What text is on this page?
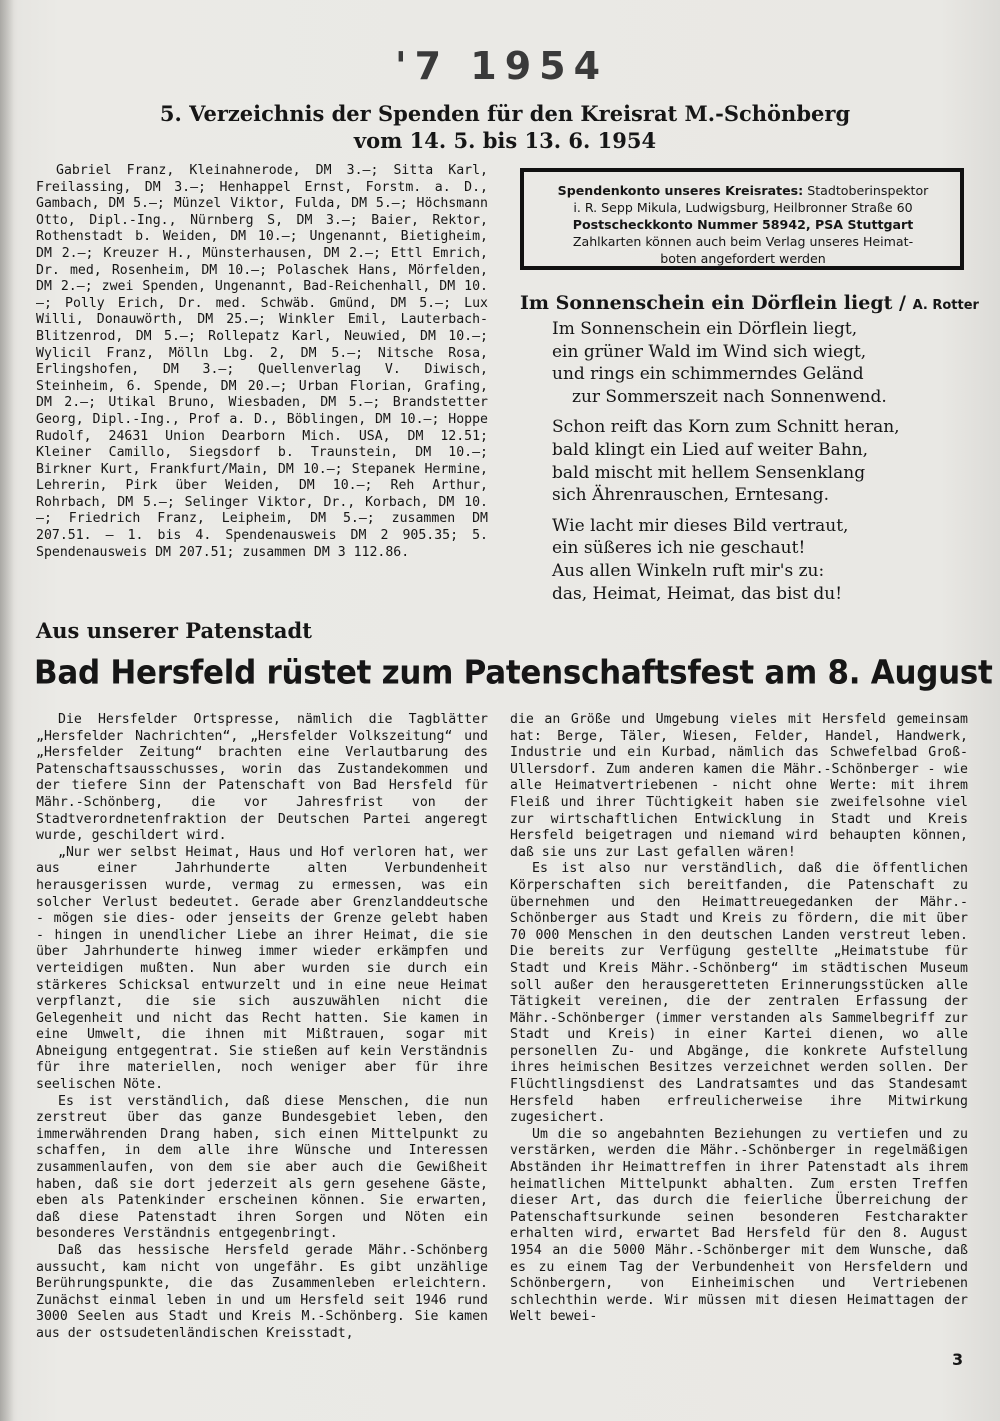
'7 1954
5. Verzeichnis der Spenden für den Kreisrat M.-Schönberg
vom 14. 5. bis 13. 6. 1954

Gabriel Franz, Kleinahnerode, DM 3.—; Sitta Karl, Freilassing, DM 3.—; Henhappel Ernst, Forstm. a. D., Gambach, DM 5.—; Münzel Viktor, Fulda, DM 5.—; Höchsmann Otto, Dipl.-Ing., Nürnberg S, DM 3.—; Baier, Rektor, Rothenstadt b. Weiden, DM 10.—; Ungenannt, Bietigheim, DM 2.—; Kreuzer H., Münsterhausen, DM 2.—; Ettl Emrich, Dr. med, Rosenheim, DM 10.—; Polaschek Hans, Mörfelden, DM 2.—; zwei Spenden, Ungenannt, Bad-Reichenhall, DM 10.—; Polly Erich, Dr. med. Schwäb. Gmünd, DM 5.—; Lux Willi, Donauwörth, DM 25.—; Winkler Emil, Lauterbach-Blitzenrod, DM 5.—; Rollepatz Karl, Neuwied, DM 10.—; Wylicil Franz, Mölln Lbg. 2, DM 5.—; Nitsche Rosa, Erlingshofen, DM 3.—; Quellenverlag V. Diwisch, Steinheim, 6. Spende, DM 20.—; Urban Florian, Grafing, DM 2.—; Utikal Bruno, Wiesbaden, DM 5.—; Brandstetter Georg, Dipl.-Ing., Prof a. D., Böblingen, DM 10.—; Hoppe Rudolf, 24631 Union Dearborn Mich. USA, DM 12.51; Kleiner Camillo, Siegsdorf b. Traunstein, DM 10.—; Birkner Kurt, Frankfurt/Main, DM 10.—; Stepanek Hermine, Lehrerin, Pirk über Weiden, DM 10.—; Reh Arthur, Rohrbach, DM 5.—; Selinger Viktor, Dr., Korbach, DM 10.—; Friedrich Franz, Leipheim, DM 5.—; zusammen DM 207.51. — 1. bis 4. Spendenausweis DM 2 905.35; 5. Spendenausweis DM 207.51; zusammen DM 3 112.86.

Spendenkonto unseres Kreisrates: Stadtoberinspektor
i. R. Sepp Mikula, Ludwigsburg, Heilbronner Straße 60
Postscheckkonto Nummer 58942, PSA Stuttgart
Zahlkarten können auch beim Verlag unseres Heimat-
boten angefordert werden
Im Sonnenschein ein Dörflein liegt / A. Rotter
Im Sonnenschein ein Dörflein liegt,
ein grüner Wald im Wind sich wiegt,
und rings ein schimmerndes Geländ
zur Sommerszeit nach Sonnenwend.
Schon reift das Korn zum Schnitt heran,
bald klingt ein Lied auf weiter Bahn,
bald mischt mit hellem Sensenklang
sich Ährenrauschen, Erntesang.
Wie lacht mir dieses Bild vertraut,
ein süßeres ich nie geschaut!
Aus allen Winkeln ruft mir's zu:
das, Heimat, Heimat, das bist du!
Aus unserer Patenstadt
Bad Hersfeld rüstet zum Patenschaftsfest am 8. August

Die Hersfelder Ortspresse, nämlich die Tagblätter „Hersfelder Nachrichten“, „Hersfelder Volkszeitung“ und „Hersfelder Zeitung“ brachten eine Verlautbarung des Patenschaftsausschusses, worin das Zustandekommen und der tiefere Sinn der Patenschaft von Bad Hersfeld für Mähr.-Schönberg, die vor Jahresfrist von der Stadtverordnetenfraktion der Deutschen Partei angeregt wurde, geschildert wird.

„Nur wer selbst Heimat, Haus und Hof verloren hat, wer aus einer Jahrhunderte alten Verbundenheit herausgerissen wurde, vermag zu ermessen, was ein solcher Verlust bedeutet. Gerade aber Grenzlanddeutsche - mögen sie dies- oder jenseits der Grenze gelebt haben - hingen in unendlicher Liebe an ihrer Heimat, die sie über Jahrhunderte hinweg immer wieder erkämpfen und verteidigen mußten. Nun aber wurden sie durch ein stärkeres Schicksal entwurzelt und in eine neue Heimat verpflanzt, die sie sich auszuwählen nicht die Gelegenheit und nicht das Recht hatten. Sie kamen in eine Umwelt, die ihnen mit Mißtrauen, sogar mit Abneigung entgegentrat. Sie stießen auf kein Verständnis für ihre materiellen, noch weniger aber für ihre seelischen Nöte.

Es ist verständlich, daß diese Menschen, die nun zerstreut über das ganze Bundesgebiet leben, den immerwährenden Drang haben, sich einen Mittelpunkt zu schaffen, in dem alle ihre Wünsche und Interessen zusammenlaufen, von dem sie aber auch die Gewißheit haben, daß sie dort jederzeit als gern gesehene Gäste, eben als Patenkinder erscheinen können. Sie erwarten, daß diese Patenstadt ihren Sorgen und Nöten ein besonderes Verständnis entgegenbringt.

Daß das hessische Hersfeld gerade Mähr.-Schönberg aussucht, kam nicht von ungefähr. Es gibt unzählige Berührungspunkte, die das Zusammenleben erleichtern. Zunächst einmal leben in und um Hersfeld seit 1946 rund 3000 Seelen aus Stadt und Kreis M.-Schönberg. Sie kamen aus der ostsudetenländischen Kreisstadt,

die an Größe und Umgebung vieles mit Hersfeld gemeinsam hat: Berge, Täler, Wiesen, Felder, Handel, Handwerk, Industrie und ein Kurbad, nämlich das Schwefelbad Groß-Ullersdorf. Zum anderen kamen die Mähr.-Schönberger - wie alle Heimatvertriebenen - nicht ohne Werte: mit ihrem Fleiß und ihrer Tüchtigkeit haben sie zweifelsohne viel zur wirtschaftlichen Entwicklung in Stadt und Kreis Hersfeld beigetragen und niemand wird behaupten können, daß sie uns zur Last gefallen wären!

Es ist also nur verständlich, daß die öffentlichen Körperschaften sich bereitfanden, die Patenschaft zu übernehmen und den Heimattreuegedanken der Mähr.-Schönberger aus Stadt und Kreis zu fördern, die mit über 70 000 Menschen in den deutschen Landen verstreut leben. Die bereits zur Verfügung gestellte „Heimatstube für Stadt und Kreis Mähr.-Schönberg“ im städtischen Museum soll außer den herausgeretteten Erinnerungsstücken alle Tätigkeit vereinen, die der zentralen Erfassung der Mähr.-Schönberger (immer verstanden als Sammelbegriff zur Stadt und Kreis) in einer Kartei dienen, wo alle personellen Zu- und Abgänge, die konkrete Aufstellung ihres heimischen Besitzes verzeichnet werden sollen. Der Flüchtlingsdienst des Landratsamtes und das Standesamt Hersfeld haben erfreulicherweise ihre Mitwirkung zugesichert.

Um die so angebahnten Beziehungen zu vertiefen und zu verstärken, werden die Mähr.-Schönberger in regelmäßigen Abständen ihr Heimattreffen in ihrer Patenstadt als ihrem heimatlichen Mittelpunkt abhalten. Zum ersten Treffen dieser Art, das durch die feierliche Überreichung der Patenschaftsurkunde seinen besonderen Festcharakter erhalten wird, erwartet Bad Hersfeld für den 8. August 1954 an die 5000 Mähr.-Schönberger mit dem Wunsche, daß es zu einem Tag der Verbundenheit von Hersfeldern und Schönbergern, von Einheimischen und Vertriebenen schlechthin werde. Wir müssen mit diesen Heimattagen der Welt bewei-

3
